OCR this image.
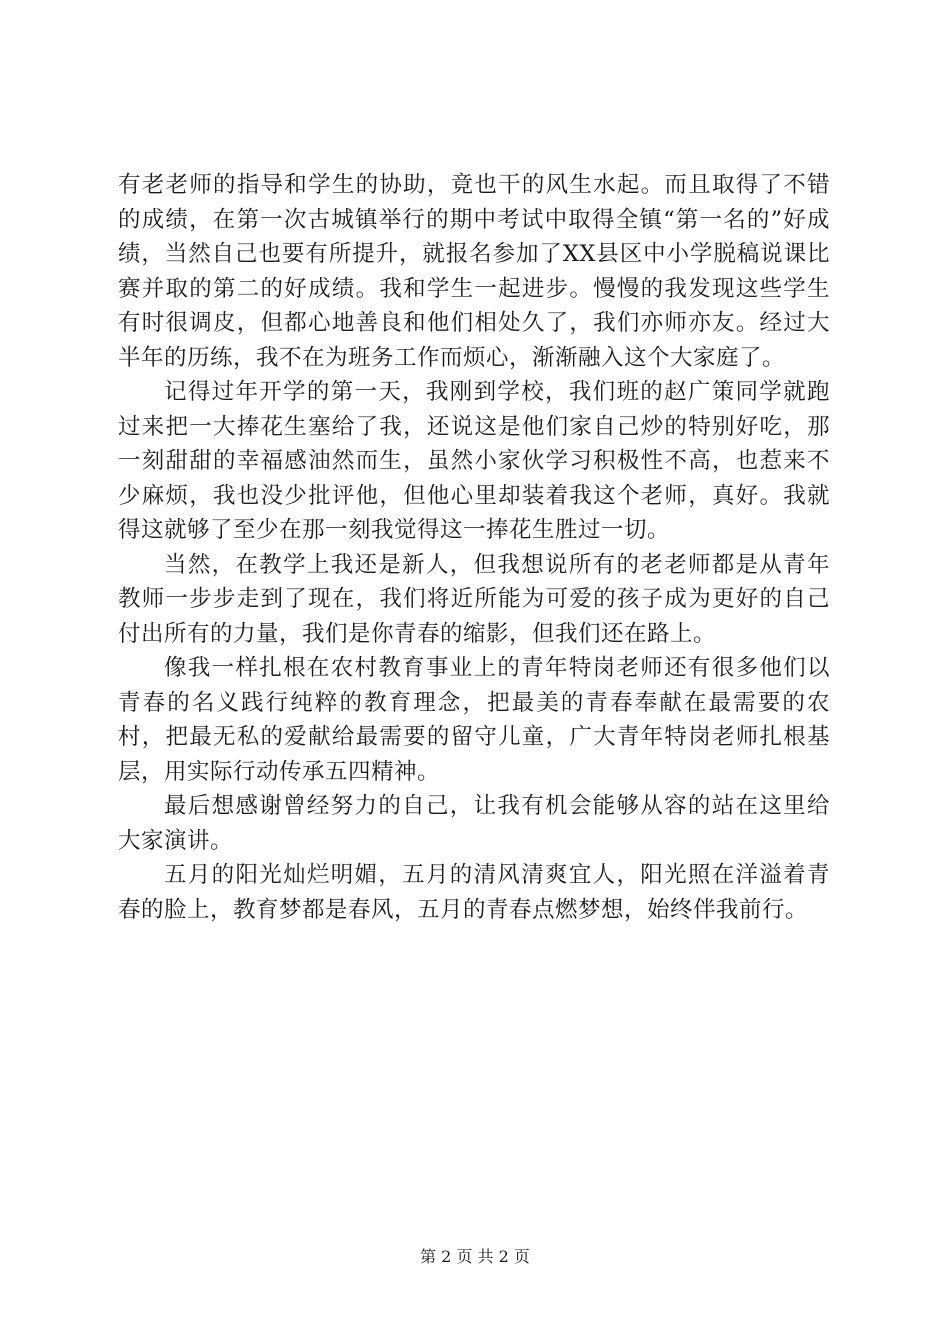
有老老师的指导和学生的协助，竟也干的风生水起。而且取得了不错的成绩，在第一次古城镇举行的期中考试中取得全镇“第一名的”好成绩，当然自己也要有所提升，就报名参加了XX县区中小学脱稿说课比赛并取的第二的好成绩。我和学生一起进步。慢慢的我发现这些学生有时很调皮，但都心地善良和他们相处久了，我们亦师亦友。经过大半年的历练，我不在为班务工作而烦心，渐渐融入这个大家庭了。

记得过年开学的第一天，我刚到学校，我们班的赵广策同学就跑过来把一大捧花生塞给了我，还说这是他们家自己炒的特别好吃，那一刻甜甜的幸福感油然而生，虽然小家伙学习积极性不高，也惹来不少麻烦，我也没少批评他，但他心里却装着我这个老师，真好。我就得这就够了至少在那一刻我觉得这一捧花生胜过一切。

当然，在教学上我还是新人，但我想说所有的老老师都是从青年教师一步步走到了现在，我们将近所能为可爱的孩子成为更好的自己付出所有的力量，我们是你青春的缩影，但我们还在路上。

像我一样扎根在农村教育事业上的青年特岗老师还有很多他们以青春的名义践行纯粹的教育理念，把最美的青春奉献在最需要的农村，把最无私的爱献给最需要的留守儿童，广大青年特岗老师扎根基层，用实际行动传承五四精神。

最后想感谢曾经努力的自己，让我有机会能够从容的站在这里给大家演讲。

五月的阳光灿烂明媚，五月的清风清爽宜人，阳光照在洋溢着青春的脸上，教育梦都是春风，五月的青春点燃梦想，始终伴我前行。

第 2 页 共 2 页
